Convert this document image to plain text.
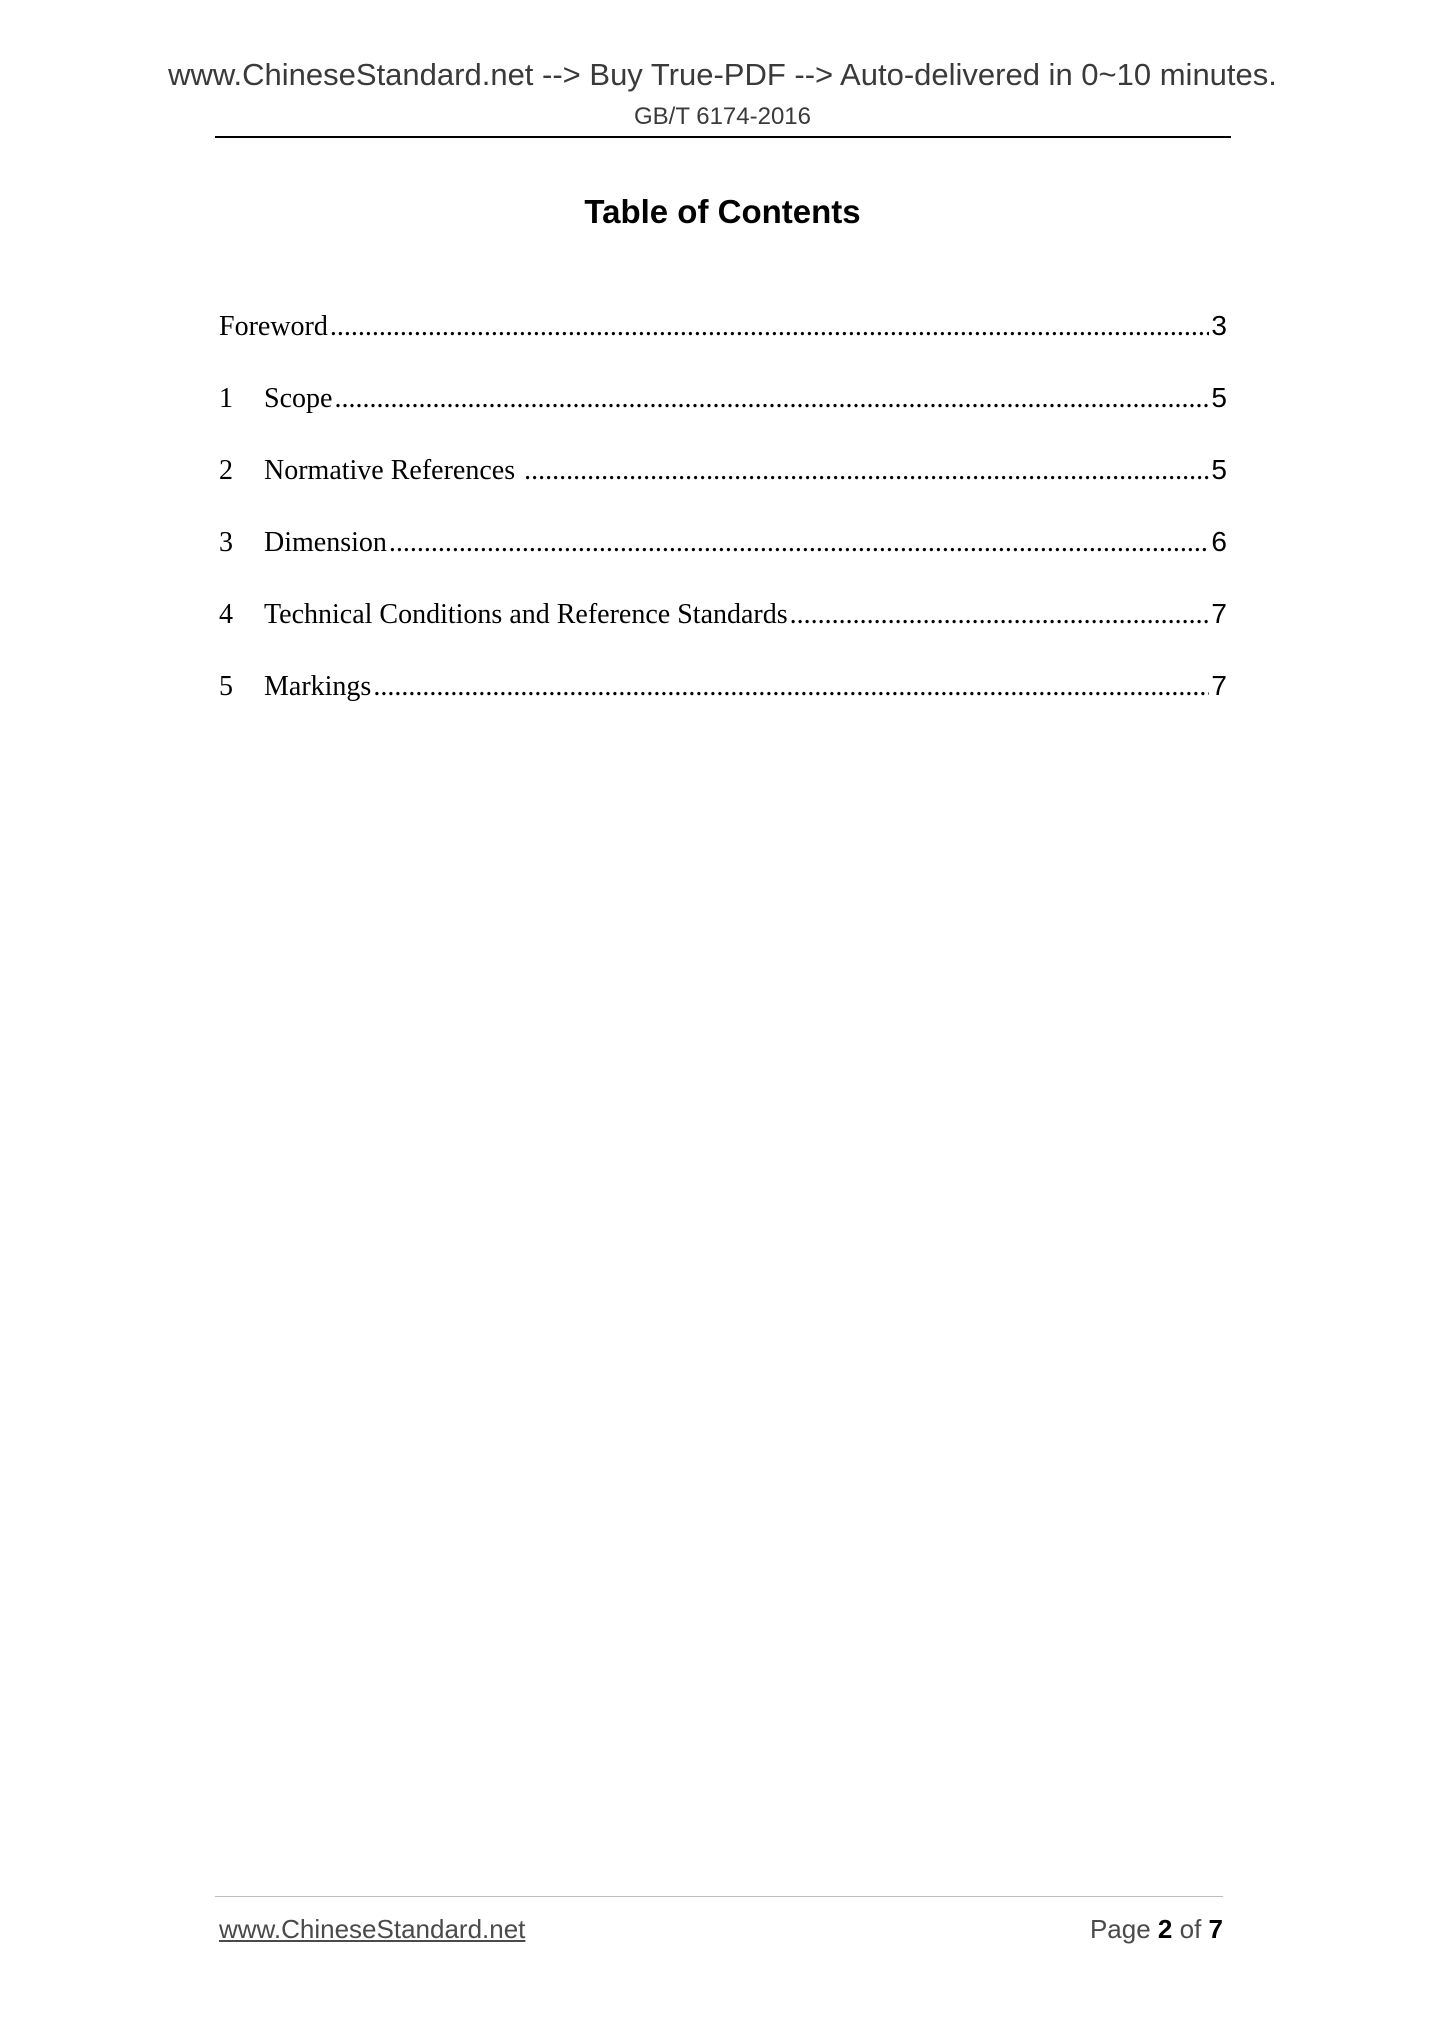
www.ChineseStandard.net --> Buy True-PDF --> Auto-delivered in 0~10 minutes.
GB/T 6174-2016
Table of Contents
Foreword .....	3
1	Scope .....	5
2	Normative References .....	5
3	Dimension .....	6
4	Technical Conditions and Reference Standards .....	7
5	Markings .....	7
www.ChineseStandard.net	Page 2 of 7
